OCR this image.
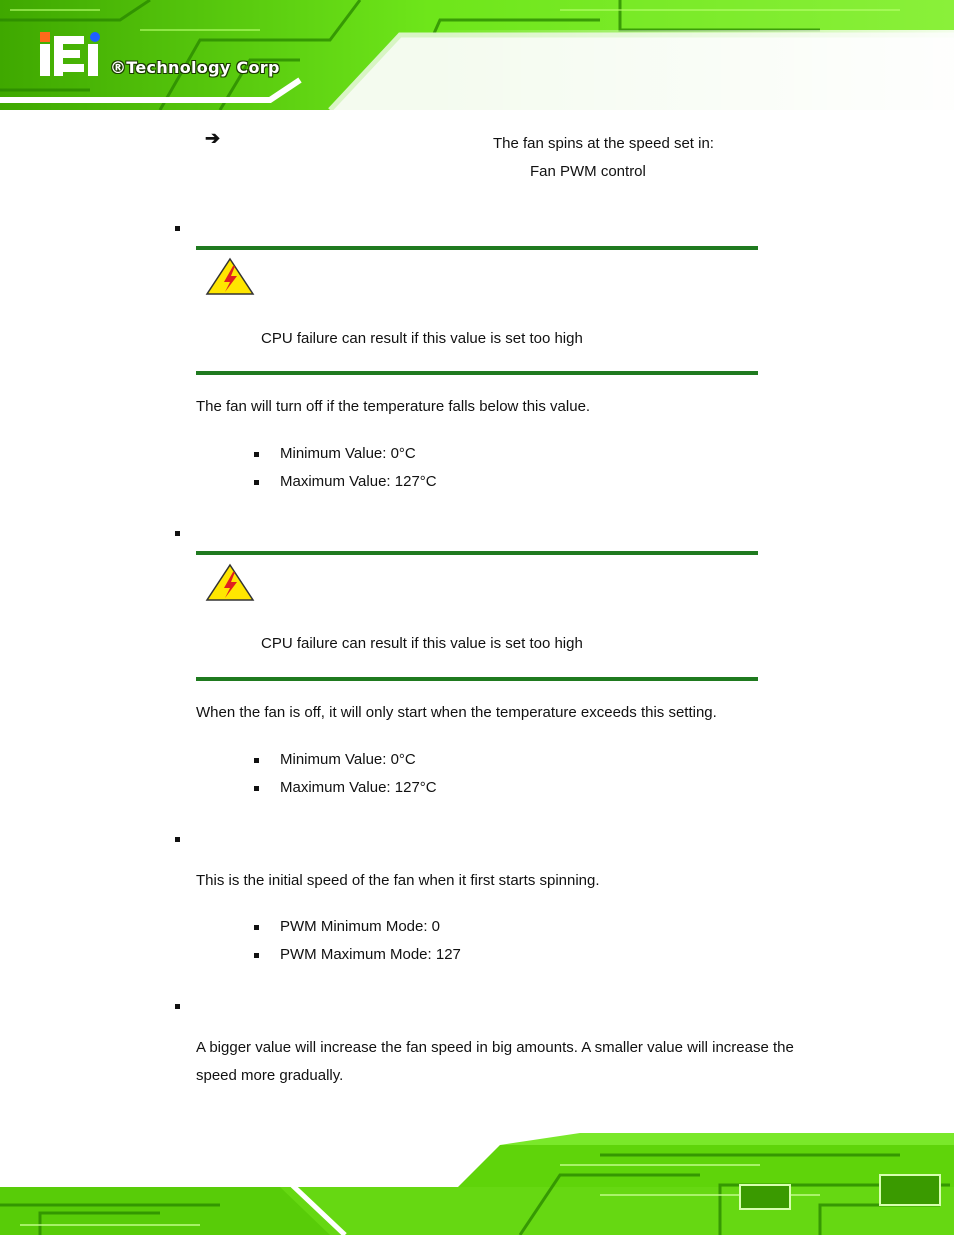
®Technology Corp
➔	The fan spins at the speed set in:
Fan PWM control
CPU failure can result if this value is set too high
The fan will turn off if the temperature falls below this value.
Minimum Value: 0°C
Maximum Value: 127°C
CPU failure can result if this value is set too high
When the fan is off, it will only start when the temperature exceeds this setting.
Minimum Value: 0°C
Maximum Value: 127°C
This is the initial speed of the fan when it first starts spinning.
PWM Minimum Mode: 0
PWM Maximum Mode: 127
A bigger value will increase the fan speed in big amounts. A smaller value will increase the
speed more gradually.
